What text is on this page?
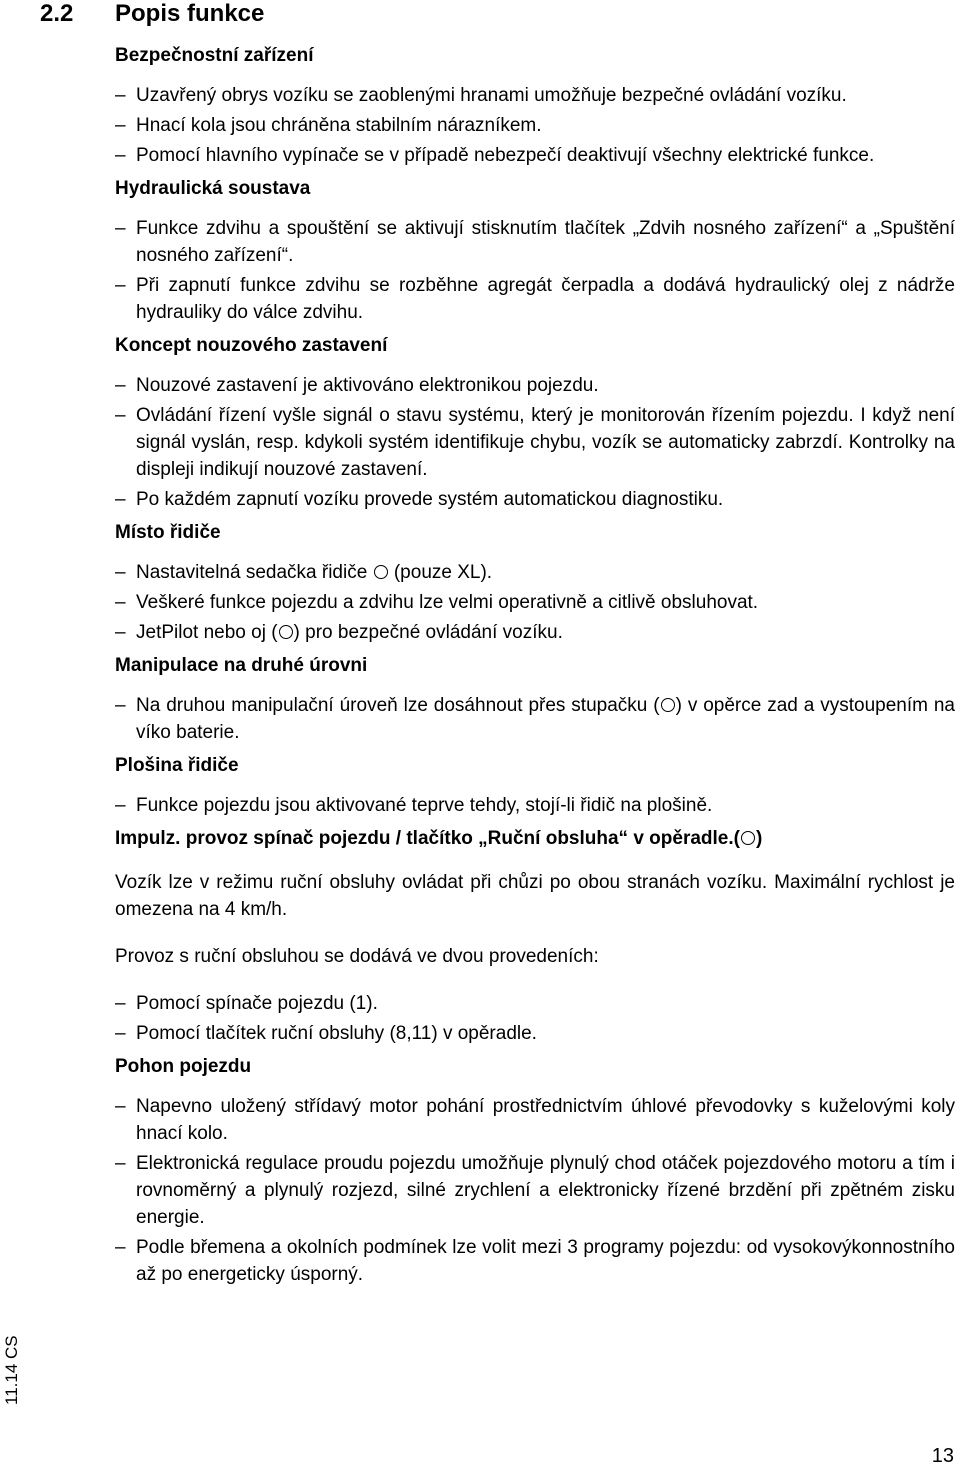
2.2 Popis funkce
Bezpečnostní zařízení
– Uzavřený obrys vozíku se zaoblenými hranami umožňuje bezpečné ovládání vozíku.
– Hnací kola jsou chráněna stabilním nárazníkem.
– Pomocí hlavního vypínače se v případě nebezpečí deaktivují všechny elektrické funkce.
Hydraulická soustava
– Funkce zdvihu a spouštění se aktivují stisknutím tlačítek „Zdvih nosného zařízení“ a „Spuštění nosného zařízení“.
– Při zapnutí funkce zdvihu se rozběhne agregát čerpadla a dodává hydraulický olej z nádrže hydrauliky do válce zdvihu.
Koncept nouzového zastavení
– Nouzové zastavení je aktivováno elektronikou pojezdu.
– Ovládání řízení vyšle signál o stavu systému, který je monitorován řízením pojezdu. I když není signál vyslán, resp. kdykoli systém identifikuje chybu, vozík se automaticky zabrzdí. Kontrolky na displeji indikují nouzové zastavení.
– Po každém zapnutí vozíku provede systém automatickou diagnostiku.
Místo řidiče
– Nastavitelná sedačka řidiče (pouze XL).
– Veškeré funkce pojezdu a zdvihu lze velmi operativně a citlivě obsluhovat.
– JetPilot nebo oj ( ) pro bezpečné ovládání vozíku.
Manipulace na druhé úrovni
– Na druhou manipulační úroveň lze dosáhnout přes stupačku ( ) v opěrce zad a vystoupením na víko baterie.
Plošina řidiče
– Funkce pojezdu jsou aktivované teprve tehdy, stojí-li řidič na plošině.
Impulz. provoz spínač pojezdu / tlačítko „Ruční obsluha“ v opěradle.( )
Vozík lze v režimu ruční obsluhy ovládat při chůzi po obou stranách vozíku. Maximální rychlost je omezena na 4 km/h.
Provoz s ruční obsluhou se dodává ve dvou provedeních:
– Pomocí spínače pojezdu (1).
– Pomocí tlačítek ruční obsluhy (8,11) v opěradle.
Pohon pojezdu
– Napevno uložený střídavý motor pohání prostřednictvím úhlové převodovky s kuželovými koly hnací kolo.
– Elektronická regulace proudu pojezdu umožňuje plynulý chod otáček pojezdového motoru a tím i rovnoměrný a plynulý rozjezd, silné zrychlení a elektronicky řízené brzdění při zpětném zisku energie.
– Podle břemena a okolních podmínek lze volit mezi 3 programy pojezdu: od vysokovýkonnostního až po energeticky úsporný.
11.14 CS
13
